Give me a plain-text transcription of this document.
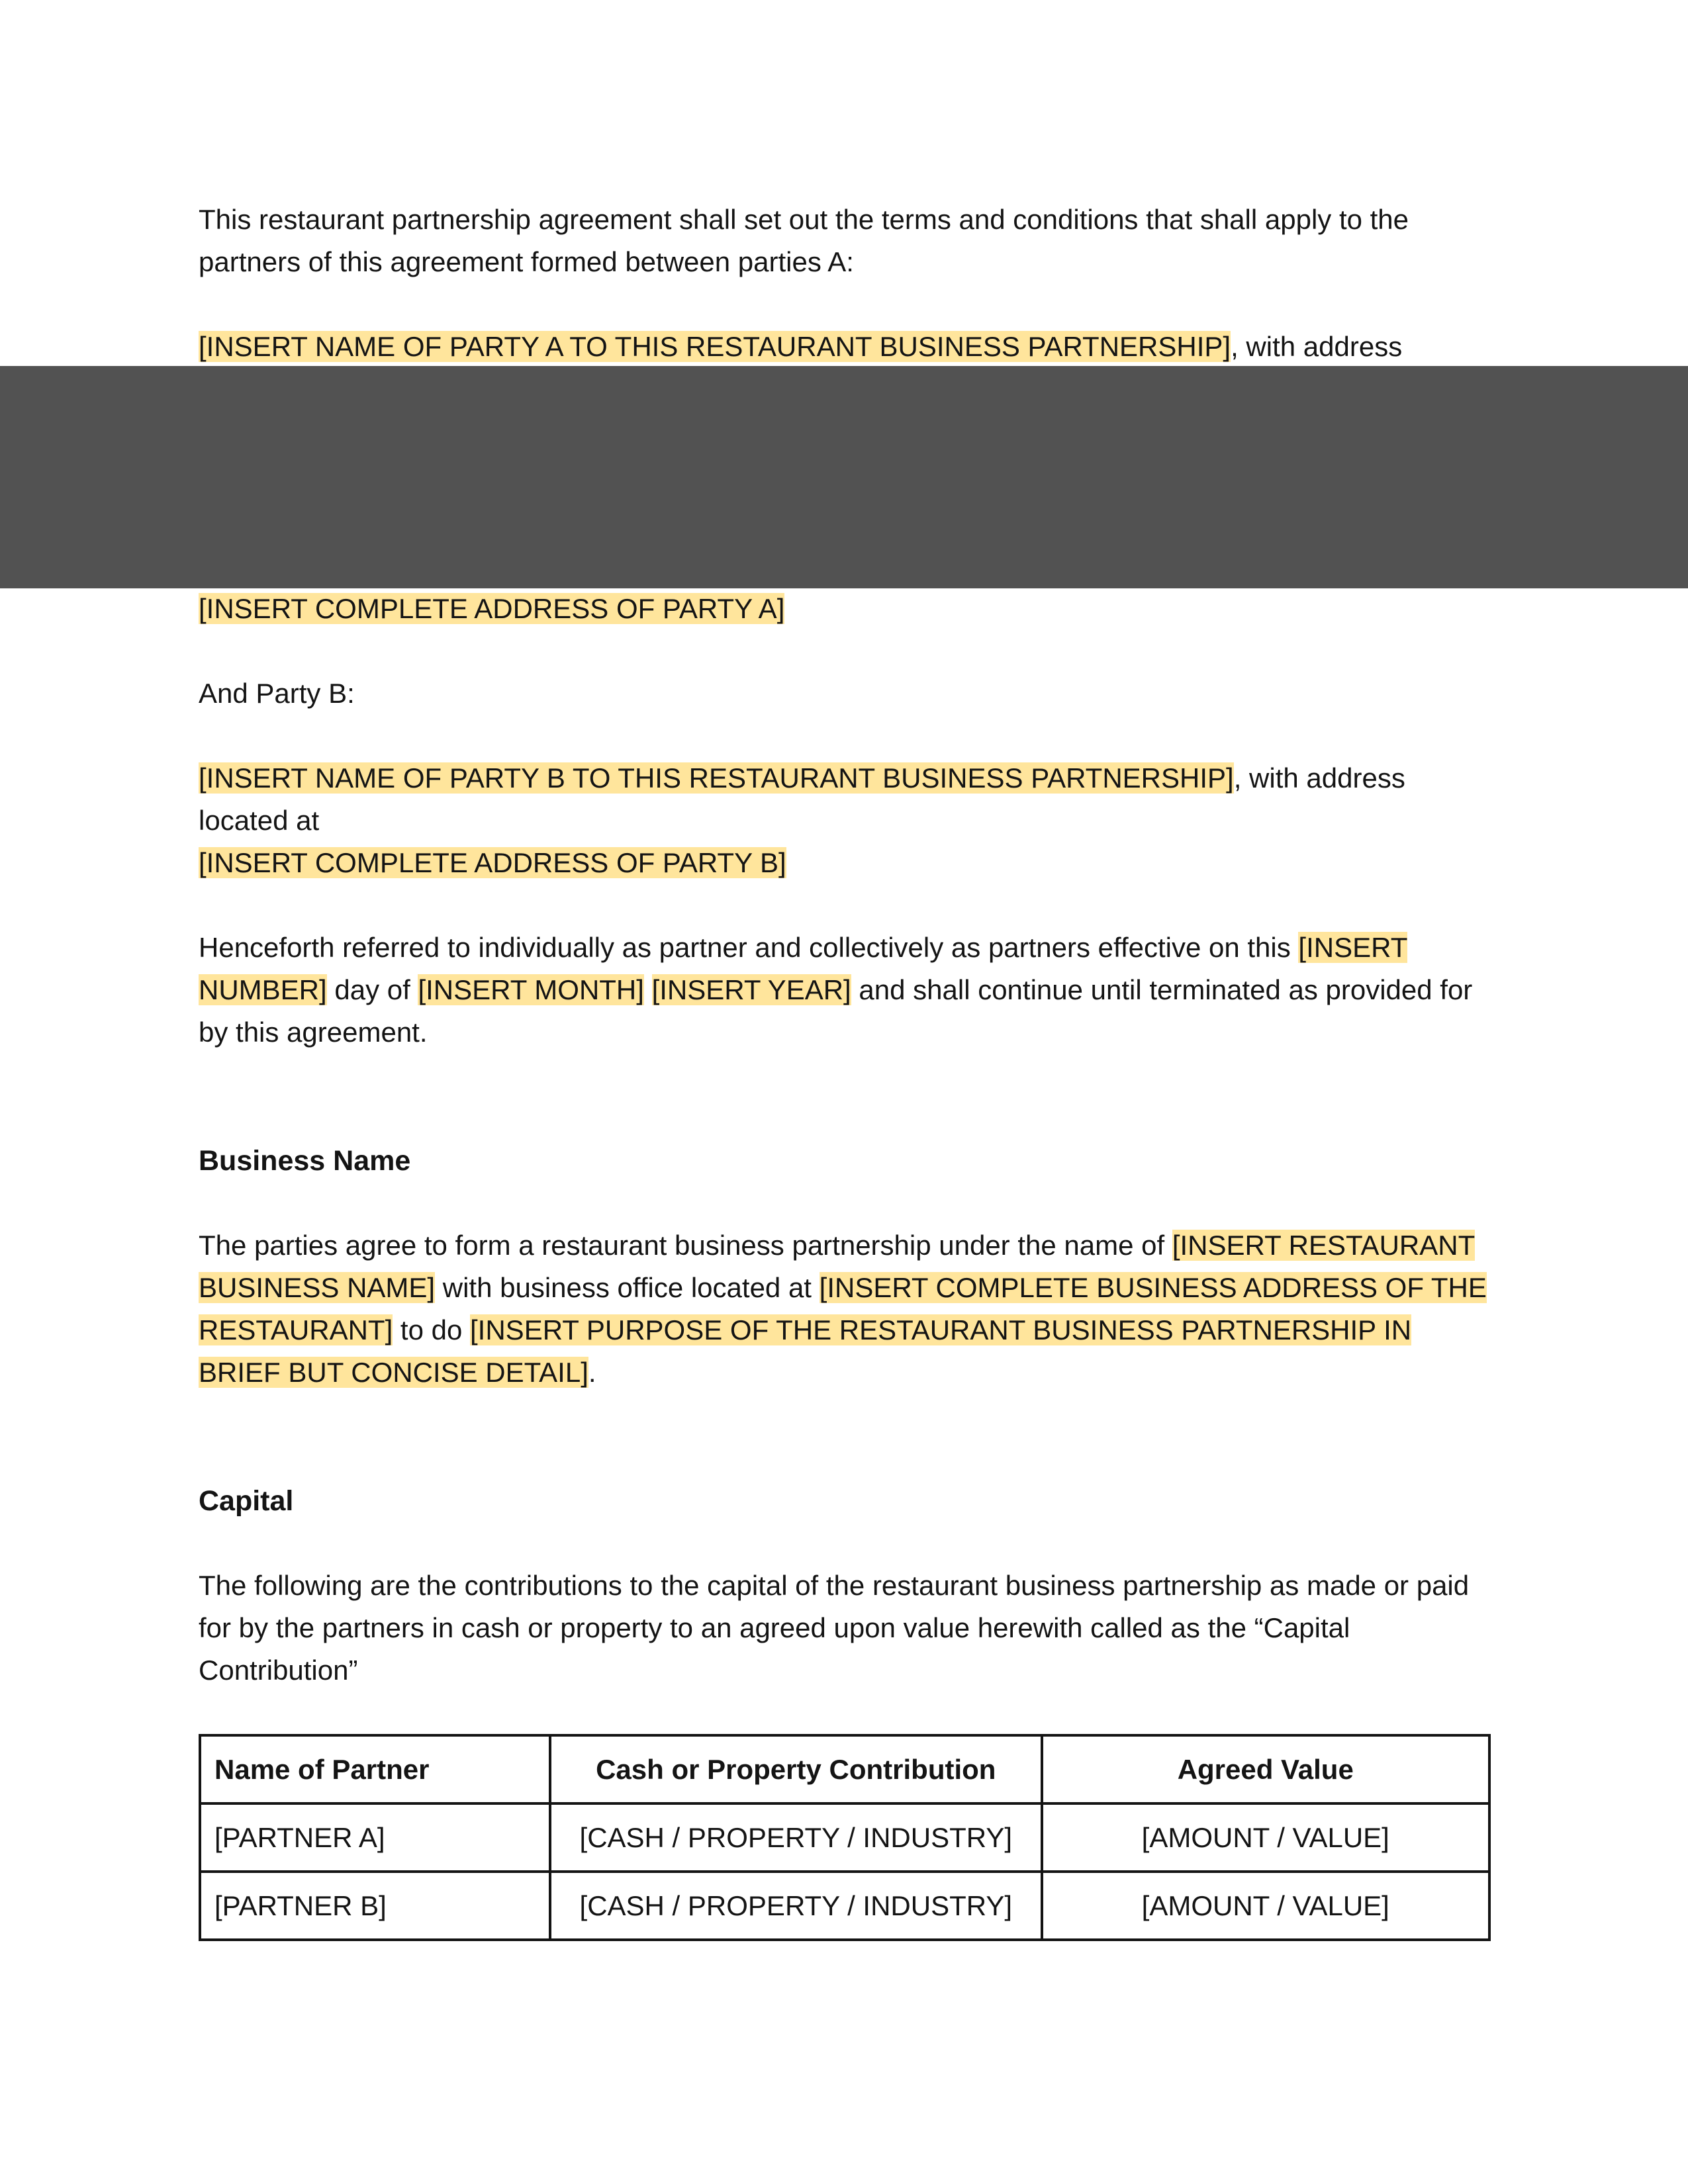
This restaurant partnership agreement shall set out the terms and conditions that shall apply to the partners of this agreement formed between parties A:

[INSERT NAME OF PARTY A TO THIS RESTAURANT BUSINESS PARTNERSHIP], with address

[INSERT COMPLETE ADDRESS OF PARTY A]

And Party B:

[INSERT NAME OF PARTY B TO THIS RESTAURANT BUSINESS PARTNERSHIP], with address located at
[INSERT COMPLETE ADDRESS OF PARTY B]

Henceforth referred to individually as partner and collectively as partners effective on this [INSERT NUMBER] day of [INSERT MONTH] [INSERT YEAR] and shall continue until terminated as provided for by this agreement.

Business Name

The parties agree to form a restaurant business partnership under the name of [INSERT RESTAURANT BUSINESS NAME] with business office located at [INSERT COMPLETE BUSINESS ADDRESS OF THE RESTAURANT] to do [INSERT PURPOSE OF THE RESTAURANT BUSINESS PARTNERSHIP IN BRIEF BUT CONCISE DETAIL].

Capital

The following are the contributions to the capital of the restaurant business partnership as made or paid for by the partners in cash or property to an agreed upon value herewith called as the “Capital Contribution”

Name of Partner	Cash or Property Contribution	Agreed Value
[PARTNER A]	[CASH / PROPERTY / INDUSTRY]	[AMOUNT / VALUE]
[PARTNER B]	[CASH / PROPERTY / INDUSTRY]	[AMOUNT / VALUE]
